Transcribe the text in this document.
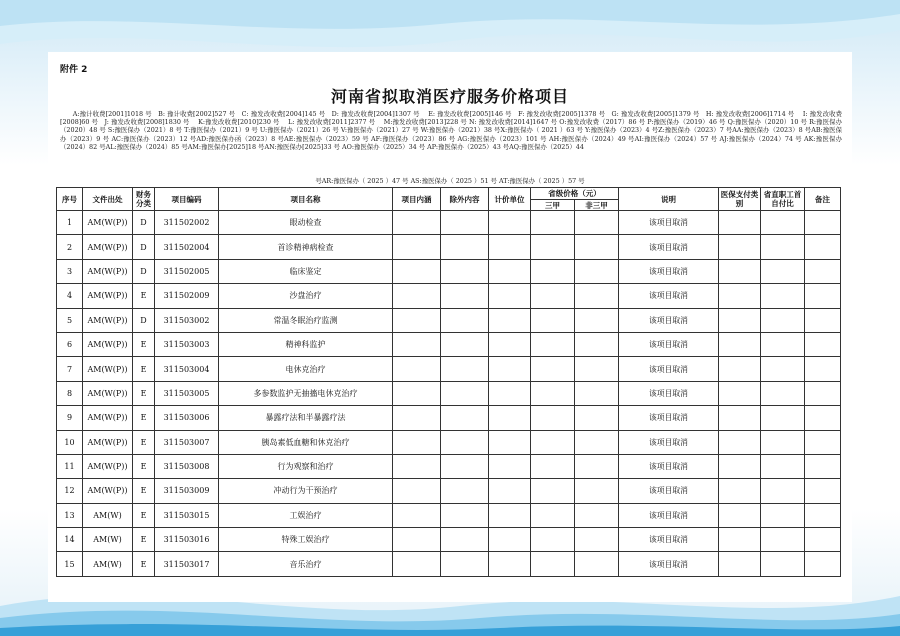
附件 2
河南省拟取消医疗服务价格项目
A:豫计收费[2001]1018 号　B: 豫计收费[2002]527 号　C: 豫发改收费[2004]145 号　D: 豫发改收费[2004]1307 号　 E: 豫发改收费[2005]146 号　F: 豫发改收费[2005]1378 号　G: 豫发改收费[2005]1379 号　H: 豫发改收费[2006]1714 号　 I: 豫发改收费[2008]60 号　J: 豫发改收费[2008]1830 号　 K:豫发改收费[2010]230 号　 L: 豫发改收费[2011]2377 号　 M:豫发改收费[2013]228 号 N: 豫发改收费[2014]1647 号 O:豫发改收费（2017）86 号 P:豫医保办（2019）46 号 Q:豫医保办（2020）10 号 R:豫医保办（2020）48 号 S:豫医保办（2021）8 号 T:豫医保办（2021）9 号 U:豫医保办（2021）26 号 V:豫医保办（2021）27 号 W:豫医保办（2021）38 号X:豫医保办（ 2021 ）63 号 Y:豫医保办（2023）4 号Z:豫医保办（2023）7 号AA:豫医保办（2023）8 号AB:豫医保办（2023）9 号 AC:豫医保办（2023）12 号AD:豫医保办函（2023）8 号AE:豫医保办（2023）59 号 AF:豫医保办（2023）86 号 AG:豫医保办（2023）101 号 AH:豫医保办（2024）49 号AI:豫医保办（2024）57 号 AJ:豫医保办（2024）74 号 AK:豫医保办（2024）82 号AL:豫医保办（2024）85 号AM:豫医保办[2025]18 号AN:豫医保办[2025]33 号 AO:豫医保办（2025）34 号 AP:豫医保办（2025）43 号AQ:豫医保办（2025）44
号AR:豫医保办（ 2025 ）47 号 AS:豫医保办（ 2025 ）51 号 AT:豫医保办（ 2025 ）57 号
序号	文件出处	财务分类	项目编码	项目名称	项目内涵	除外内容	计价单位	省级价格（元）		说明	医保支付类别	省直职工首自付比	备注
								三甲	非三甲				
1	AM(W(P))	D	311502002	眼动检查						该项目取消			
2	AM(W(P))	D	311502004	首诊精神病检查						该项目取消			
3	AM(W(P))	D	311502005	临床鉴定						该项目取消			
4	AM(W(P))	E	311502009	沙盘治疗						该项目取消			
5	AM(W(P))	D	311503002	常温冬眠治疗监测						该项目取消			
6	AM(W(P))	E	311503003	精神科监护						该项目取消			
7	AM(W(P))	E	311503004	电休克治疗						该项目取消			
8	AM(W(P))	E	311503005	多参数监护无抽搐电休克治疗						该项目取消			
9	AM(W(P))	E	311503006	暴露疗法和半暴露疗法						该项目取消			
10	AM(W(P))	E	311503007	胰岛素低血糖和休克治疗						该项目取消			
11	AM(W(P))	E	311503008	行为观察和治疗						该项目取消			
12	AM(W(P))	E	311503009	冲动行为干预治疗						该项目取消			
13	AM(W)	E	311503015	工娱治疗						该项目取消			
14	AM(W)	E	311503016	特殊工娱治疗						该项目取消			
15	AM(W)	E	311503017	音乐治疗						该项目取消			
